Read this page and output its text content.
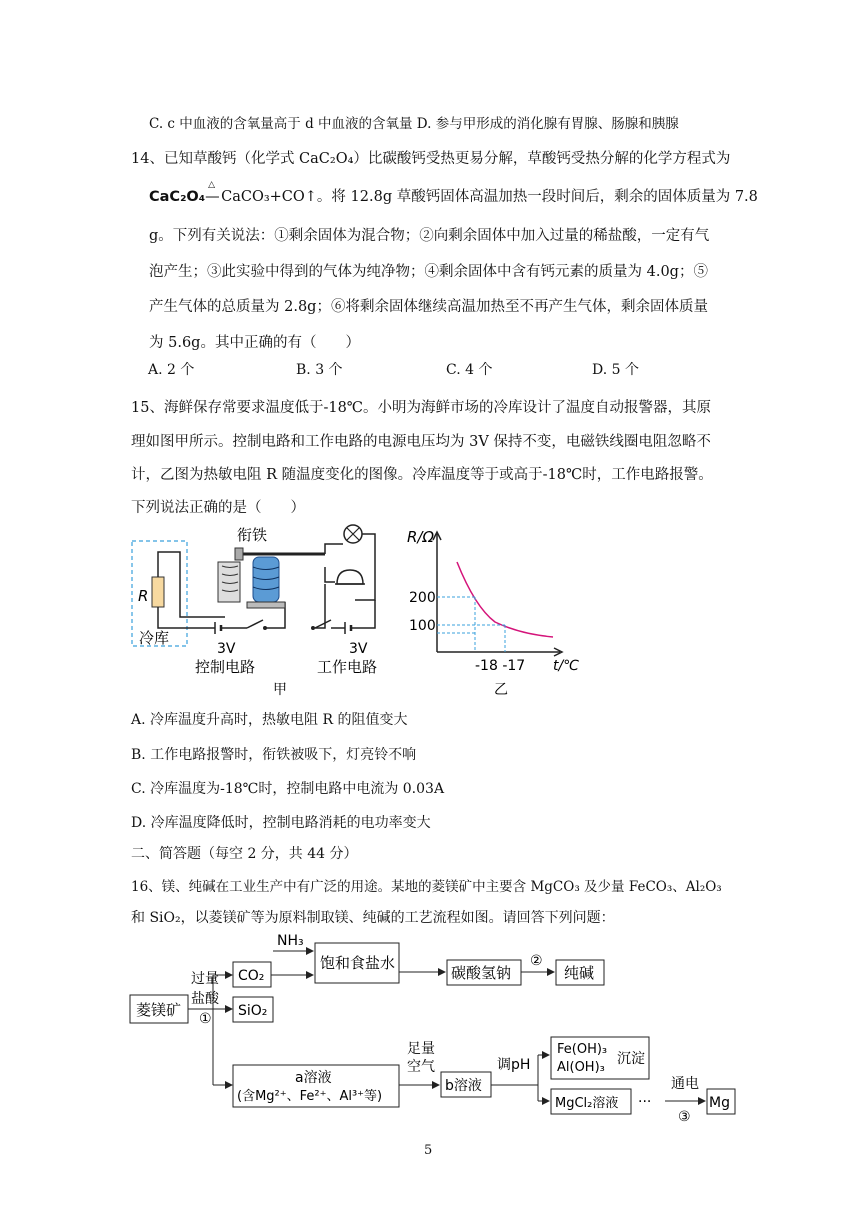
C. c 中血液的含氧量高于 d 中血液的含氧量 D. 参与甲形成的消化腺有胃腺、肠腺和胰腺
14、已知草酸钙（化学式 CaC₂O₄）比碳酸钙受热更易分解，草酸钙受热分解的化学方程式为
CaC₂O₄
△
— CaCO₃+CO↑。将 12.8g 草酸钙固体高温加热一段时间后，剩余的固体质量为 7.8
g。下列有关说法：①剩余固体为混合物；②向剩余固体中加入过量的稀盐酸，一定有气
泡产生；③此实验中得到的气体为纯净物；④剩余固体中含有钙元素的质量为 4.0g；⑤
产生气体的总质量为 2.8g；⑥将剩余固体继续高温加热至不再产生气体，剩余固体质量
为 5.6g。其中正确的有（　　）
A. 2 个	B. 3 个	C. 4 个	D. 5 个
15、海鲜保存常要求温度低于-18℃。小明为海鲜市场的冷库设计了温度自动报警器，其原
理如图甲所示。控制电路和工作电路的电源电压均为 3V 保持不变，电磁铁线圈电阻忽略不
计，乙图为热敏电阻 R 随温度变化的图像。冷库温度等于或高于-18℃时，工作电路报警。
下列说法正确的是（　　）
R
冷库
3V
控制电路
衔铁
3V
工作电路
甲
R/Ω
200
100
-18 -17 t/℃
乙
A. 冷库温度升高时，热敏电阻 R 的阻值变大
B. 工作电路报警时，衔铁被吸下，灯亮铃不响
C. 冷库温度为-18℃时，控制电路中电流为 0.03A
D. 冷库温度降低时，控制电路消耗的电功率变大
二、简答题（每空 2 分，共 44 分）
16、镁、纯碱在工业生产中有广泛的用途。某地的菱镁矿中主要含 MgCO₃ 及少量 FeCO₃、Al₂O₃
和 SiO₂，以菱镁矿等为原料制取镁、纯碱的工艺流程如图。请回答下列问题：
菱镁矿
过量
盐酸
①
CO₂
NH₃
饱和食盐水
碳酸氢钠
②
纯碱
SiO₂
a溶液
(含Mg²⁺、Fe²⁺、Al³⁺等)
足量
空气
b溶液
调pH
Fe(OH)₃
Al(OH)₃
沉淀
MgCl₂溶液 ···
通电
③
Mg
5
